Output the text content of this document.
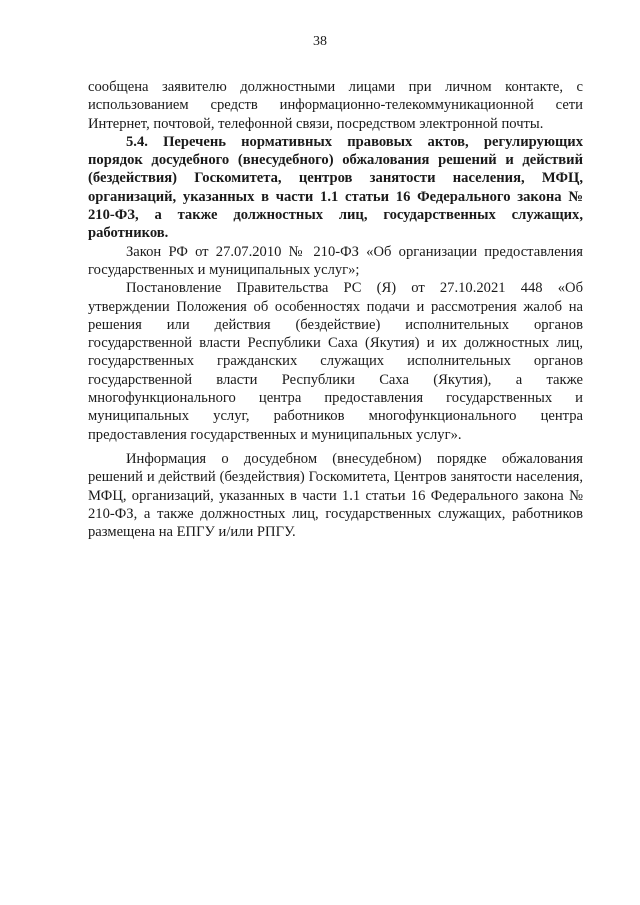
38

сообщена заявителю должностными лицами при личном контакте, с использованием средств информационно-телекоммуникационной сети Интернет, почтовой, телефонной связи, посредством электронной почты.

5.4. Перечень нормативных правовых актов, регулирующих порядок досудебного (внесудебного) обжалования решений и действий (бездействия) Госкомитета, центров занятости населения, МФЦ, организаций, указанных в части 1.1 статьи 16 Федерального закона № 210-ФЗ, а также должностных лиц, государственных служащих, работников.

Закон РФ от 27.07.2010 № 210-ФЗ «Об организации предоставления государственных и муниципальных услуг»;

Постановление Правительства РС (Я) от 27.10.2021 448 «Об утверждении Положения об особенностях подачи и рассмотрения жалоб на решения или действия (бездействие) исполнительных органов государственной власти Республики Саха (Якутия) и их должностных лиц, государственных гражданских служащих исполнительных органов государственной власти Республики Саха (Якутия), а также многофункционального центра предоставления государственных и муниципальных услуг, работников многофункционального центра предоставления государственных и муниципальных услуг».

Информация о досудебном (внесудебном) порядке обжалования решений и действий (бездействия) Госкомитета, Центров занятости населения, МФЦ, организаций, указанных в части 1.1 статьи 16 Федерального закона № 210-ФЗ, а также должностных лиц, государственных служащих, работников размещена на ЕПГУ и/или РПГУ.
